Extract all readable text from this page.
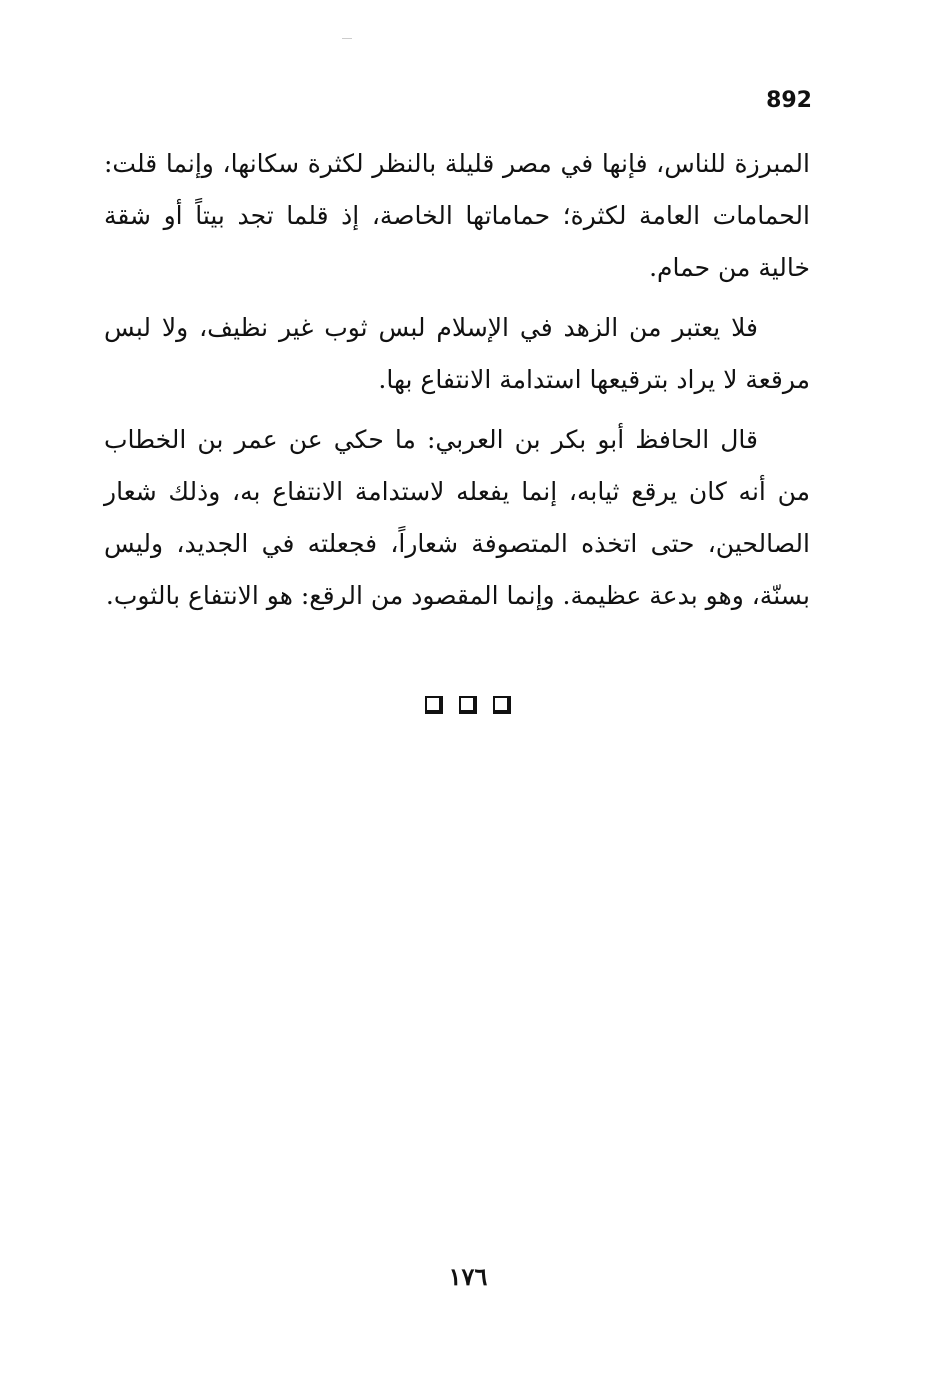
892

المبرزة للناس، فإنها في مصر قليلة بالنظر لكثرة سكانها، وإنما قلت: الحمامات العامة لكثرة؛ حماماتها الخاصة، إذ قلما تجد بيتاً أو شقة خالية من حمام.

فلا يعتبر من الزهد في الإسلام لبس ثوب غير نظيف، ولا لبس مرقعة لا يراد بترقيعها استدامة الانتفاع بها.

قال الحافظ أبو بكر بن العربي: ما حكي عن عمر بن الخطاب من أنه كان يرقع ثيابه، إنما يفعله لاستدامة الانتفاع به، وذلك شعار الصالحين، حتى اتخذه المتصوفة شعاراً، فجعلته في الجديد، وليس بسنّة، وهو بدعة عظيمة. وإنما المقصود من الرقع: هو الانتفاع بالثوب.

١٧٦
